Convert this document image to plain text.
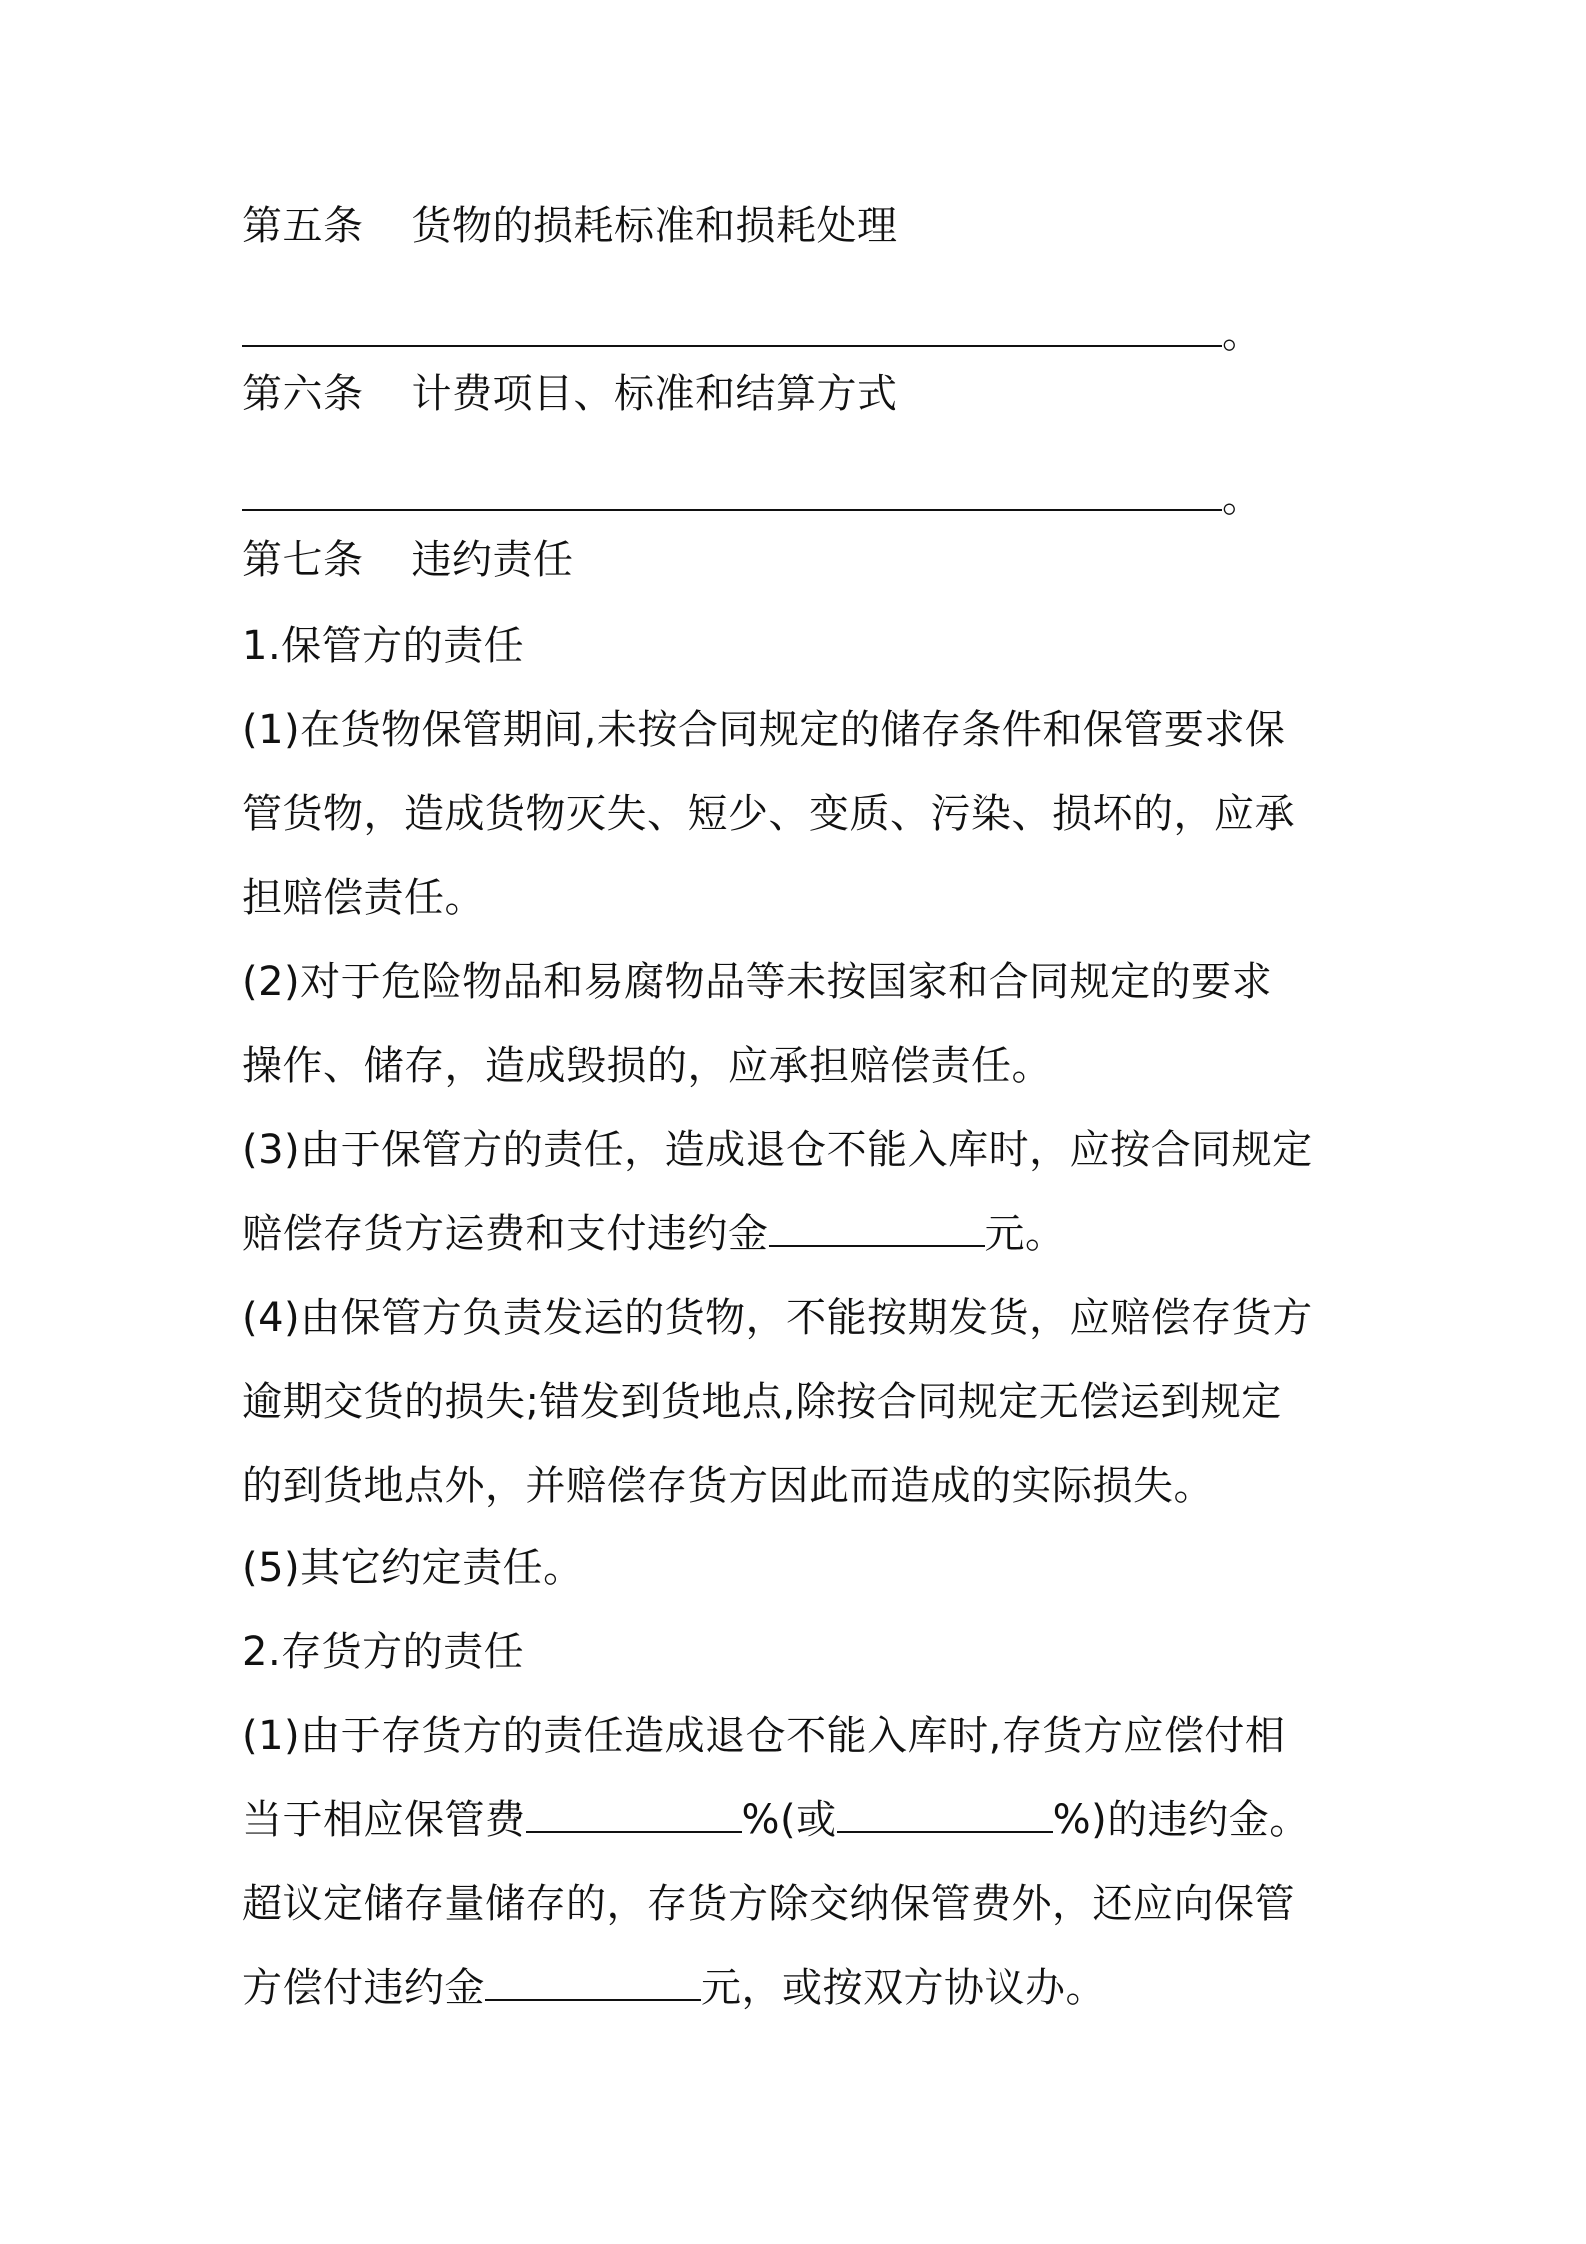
第五条 货物的损耗标准和损耗处理
。
第六条 计费项目、标准和结算方式
。
第七条 违约责任
1.保管方的责任
(1)在货物保管期间,未按合同规定的储存条件和保管要求保
管货物，造成货物灭失、短少、变质、污染、损坏的，应承
担赔偿责任。
(2)对于危险物品和易腐物品等未按国家和合同规定的要求
操作、储存，造成毁损的，应承担赔偿责任。
(3)由于保管方的责任，造成退仓不能入库时，应按合同规定
赔偿存货方运费和支付违约金	元。
(4)由保管方负责发运的货物，不能按期发货，应赔偿存货方
逾期交货的损失;错发到货地点,除按合同规定无偿运到规定
的到货地点外，并赔偿存货方因此而造成的实际损失。
(5)其它约定责任。
2.存货方的责任
(1)由于存货方的责任造成退仓不能入库时,存货方应偿付相
当于相应保管费	%(或	%)的违约金。
超议定储存量储存的，存货方除交纳保管费外，还应向保管
方偿付违约金	元，或按双方协议办。
